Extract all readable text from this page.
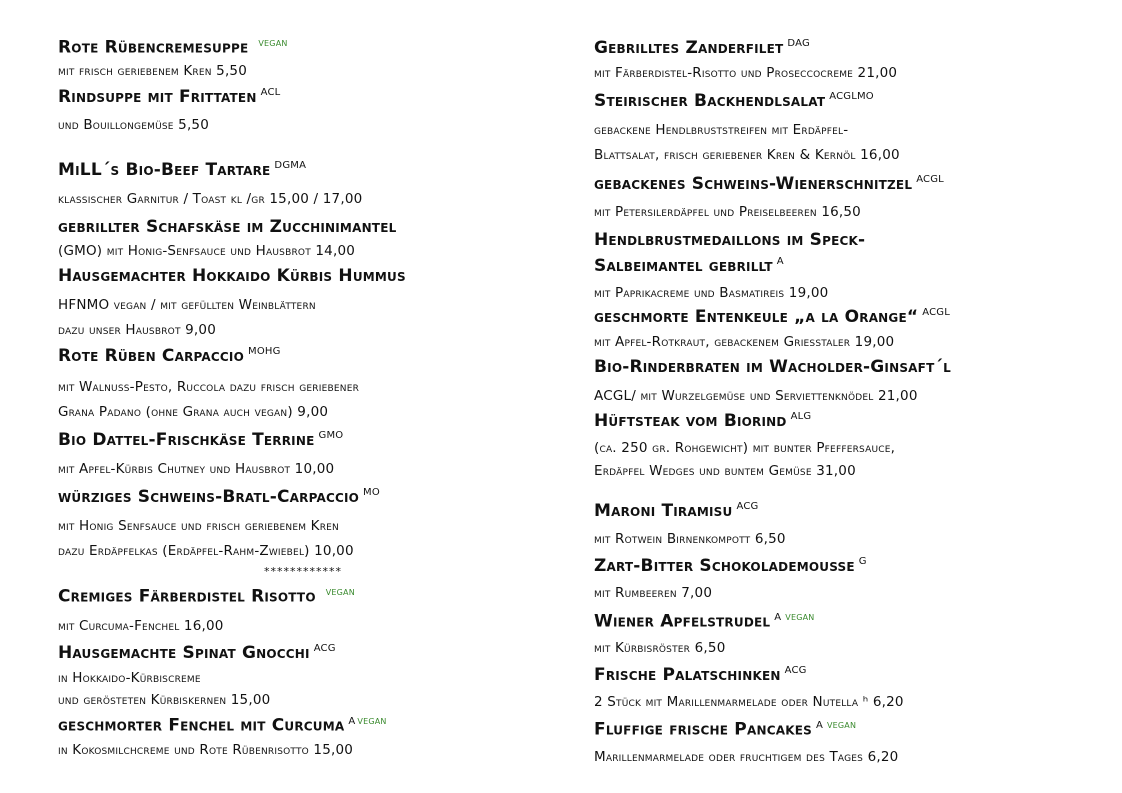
Rote Rübencremesuppe $^{vegan}$
mit frisch geriebenem Kren 5,50
Rindsuppe mit Frittaten $^{ACL}$
und Bouillongemüse 5,50
MiLL´s Bio-Beef Tartare $^{DGMA}$
klassischer Garnitur / Toast kl /gr 15,00 / 17,00
gebrillter Schafskäse im Zucchinimantel
(GMO) mit Honig-Senfsauce und Hausbrot 14,00
Hausgemachter Hokkaido Kürbis Hummus
HFNMO vegan / mit gefüllten Weinblättern
dazu unser Hausbrot 9,00
Rote Rüben Carpaccio $^{MOHG}$
mit Walnuss-Pesto, Ruccola dazu frisch geriebener
Grana Padano (ohne Grana auch vegan) 9,00
Bio Dattel-Frischkäse Terrine $^{GMO}$
mit Apfel-Kürbis Chutney und Hausbrot 10,00
würziges Schweins-Bratl-Carpaccio $^{MO}$
mit Honig Senfsauce und frisch geriebenem Kren
dazu Erdäpfelkas (Erdäpfel-Rahm-Zwiebel) 10,00
************
Cremiges Färberdistel Risotto $^{vegan}$
mit Curcuma-Fenchel 16,00
Hausgemachte Spinat Gnocchi $^{ACG}$
in Hokkaido-Kürbiscreme
und gerösteten Kürbiskernen 15,00
geschmorter Fenchel mit Curcuma $^A$ $^{vegan}$
in Kokosmilchcreme und Rote Rübenrisotto 15,00
Gebrilltes Zanderfilet $^{DAG}$
mit Färberdistel-Risotto und Proseccocreme 21,00
Steirischer Backhendlsalat $^{ACGLMO}$
gebackene Hendlbruststreifen mit Erdäpfel-
Blattsalat, frisch geriebener Kren & Kernöl 16,00
gebackenes Schweins-Wienerschnitzel $^{ACGL}$
mit Petersilerdäpfel und Preiselbeeren 16,50
Hendlbrustmedaillons im Speck-
Salbeimantel gebrillt $^A$
mit Paprikacreme und Basmatireis 19,00
geschmorte Entenkeule „a la Orange“ $^{ACGL}$
mit Apfel-Rotkraut, gebackenem Griesstaler 19,00
Bio-Rinderbraten im Wacholder-Ginsaft´l
ACGL/ mit Wurzelgemüse und Serviettenknödel 21,00
Hüftsteak vom Biorind $^{ALG}$
(ca. 250 gr. Rohgewicht) mit bunter Pfeffersauce,
Erdäpfel Wedges und buntem Gemüse 31,00
Maroni Tiramisu $^{ACG}$
mit Rotwein Birnenkompott 6,50
Zart-Bitter Schokolademousse $^G$
mit Rumbeeren 7,00
Wiener Apfelstrudel $^A$ $^{vegan}$
mit Kürbisröster 6,50
Frische Palatschinken $^{ACG}$
2 Stück mit Marillenmarmelade oder Nutella ʰ 6,20
Fluffige frische Pancakes $^A$ $^{vegan}$
Marillenmarmelade oder fruchtigem des Tages 6,20
